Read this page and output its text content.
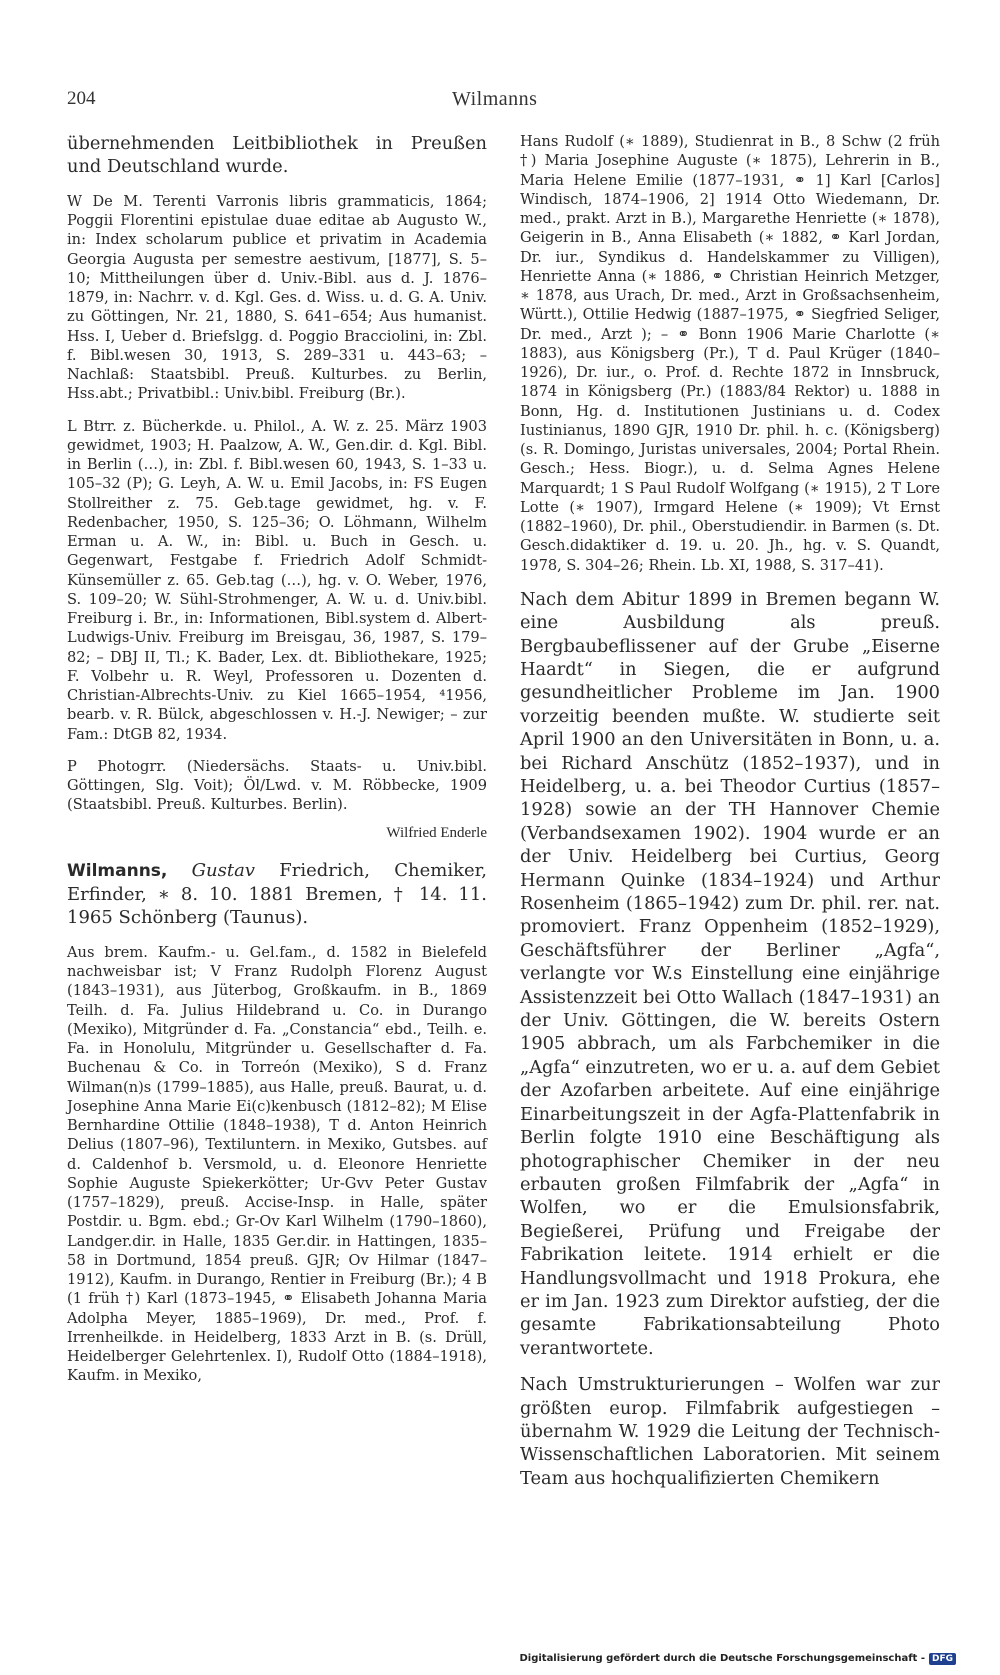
204	Wilmanns

übernehmenden Leitbibliothek in Preußen und Deutschland wurde.

W De M. Terenti Varronis libris grammaticis, 1864; Poggii Florentini epistulae duae editae ab Augusto W., in: Index scholarum publice et privatim in Academia Georgia Augusta per semestre aestivum, [1877], S. 5–10; Mittheilungen über d. Univ.-Bibl. aus d. J. 1876–1879, in: Nachrr. v. d. Kgl. Ges. d. Wiss. u. d. G. A. Univ. zu Göttingen, Nr. 21, 1880, S. 641–654; Aus humanist. Hss. I, Ueber d. Briefslgg. d. Poggio Bracciolini, in: Zbl. f. Bibl.wesen 30, 1913, S. 289–331 u. 443–63; – Nachlaß: Staatsbibl. Preuß. Kulturbes. zu Berlin, Hss.abt.; Privatbibl.: Univ.bibl. Freiburg (Br.).

L Btrr. z. Bücherkde. u. Philol., A. W. z. 25. März 1903 gewidmet, 1903; H. Paalzow, A. W., Gen.dir. d. Kgl. Bibl. in Berlin (…), in: Zbl. f. Bibl.wesen 60, 1943, S. 1–33 u. 105–32 (P); G. Leyh, A. W. u. Emil Jacobs, in: FS Eugen Stollreither z. 75. Geb.tage gewidmet, hg. v. F. Redenbacher, 1950, S. 125–36; O. Löhmann, Wilhelm Erman u. A. W., in: Bibl. u. Buch in Gesch. u. Gegenwart, Festgabe f. Friedrich Adolf Schmidt-Künsemüller z. 65. Geb.tag (…), hg. v. O. Weber, 1976, S. 109–20; W. Sühl-Strohmenger, A. W. u. d. Univ.bibl. Freiburg i. Br., in: Informationen, Bibl.system d. Albert-Ludwigs-Univ. Freiburg im Breisgau, 36, 1987, S. 179–82; – DBJ II, Tl.; K. Bader, Lex. dt. Bibliothekare, 1925; F. Volbehr u. R. Weyl, Professoren u. Dozenten d. Christian-Albrechts-Univ. zu Kiel 1665–1954, ⁴1956, bearb. v. R. Bülck, abgeschlossen v. H.-J. Newiger; – zur Fam.: DtGB 82, 1934.

P Photogrr. (Niedersächs. Staats- u. Univ.bibl. Göttingen, Slg. Voit); Öl/Lwd. v. M. Röbbecke, 1909 (Staatsbibl. Preuß. Kulturbes. Berlin).

Wilfried Enderle

Wilmanns, Gustav Friedrich, Chemiker, Erfinder, ∗ 8. 10. 1881 Bremen, † 14. 11. 1965 Schönberg (Taunus).

Aus brem. Kaufm.- u. Gel.fam., d. 1582 in Bielefeld nachweisbar ist; V Franz Rudolph Florenz August (1843–1931), aus Jüterbog, Großkaufm. in B., 1869 Teilh. d. Fa. Julius Hildebrand u. Co. in Durango (Mexiko), Mitgründer d. Fa. „Constancia“ ebd., Teilh. e. Fa. in Honolulu, Mitgründer u. Gesellschafter d. Fa. Buchenau & Co. in Torreón (Mexiko), S d. Franz Wilman(n)s (1799–1885), aus Halle, preuß. Baurat, u. d. Josephine Anna Marie Ei(c)kenbusch (1812–82); M Elise Bernhardine Ottilie (1848–1938), T d. Anton Heinrich Delius (1807–96), Textiluntern. in Mexiko, Gutsbes. auf d. Caldenhof b. Versmold, u. d. Eleonore Henriette Sophie Auguste Spiekerkötter; Ur-Gvv Peter Gustav (1757–1829), preuß. Accise-Insp. in Halle, später Postdir. u. Bgm. ebd.; Gr-Ov Karl Wilhelm (1790–1860), Landger.dir. in Halle, 1835 Ger.dir. in Hattingen, 1835–58 in Dortmund, 1854 preuß. GJR; Ov Hilmar (1847–1912), Kaufm. in Durango, Rentier in Freiburg (Br.); 4 B (1 früh †) Karl (1873–1945, ⚭ Elisabeth Johanna Maria Adolpha Meyer, 1885–1969), Dr. med., Prof. f. Irrenheilkde. in Heidelberg, 1833 Arzt in B. (s. Drüll, Heidelberger Gelehrtenlex. I), Rudolf Otto (1884–1918), Kaufm. in Mexiko,

Hans Rudolf (∗ 1889), Studienrat in B., 8 Schw (2 früh †) Maria Josephine Auguste (∗ 1875), Lehrerin in B., Maria Helene Emilie (1877–1931, ⚭ 1] Karl [Carlos] Windisch, 1874–1906, 2] 1914 Otto Wiedemann, Dr. med., prakt. Arzt in B.), Margarethe Henriette (∗ 1878), Geigerin in B., Anna Elisabeth (∗ 1882, ⚭ Karl Jordan, Dr. iur., Syndikus d. Handelskammer zu Villigen), Henriette Anna (∗ 1886, ⚭ Christian Heinrich Metzger, ∗ 1878, aus Urach, Dr. med., Arzt in Großsachsenheim, Württ.), Ottilie Hedwig (1887–1975, ⚭ Siegfried Seliger, Dr. med., Arzt ); – ⚭ Bonn 1906 Marie Charlotte (∗ 1883), aus Königsberg (Pr.), T d. Paul Krüger (1840–1926), Dr. iur., o. Prof. d. Rechte 1872 in Innsbruck, 1874 in Königsberg (Pr.) (1883/84 Rektor) u. 1888 in Bonn, Hg. d. Institutionen Justinians u. d. Codex Iustinianus, 1890 GJR, 1910 Dr. phil. h. c. (Königsberg) (s. R. Domingo, Juristas universales, 2004; Portal Rhein. Gesch.; Hess. Biogr.), u. d. Selma Agnes Helene Marquardt; 1 S Paul Rudolf Wolfgang (∗ 1915), 2 T Lore Lotte (∗ 1907), Irmgard Helene (∗ 1909); Vt Ernst (1882–1960), Dr. phil., Oberstudiendir. in Barmen (s. Dt. Gesch.didaktiker d. 19. u. 20. Jh., hg. v. S. Quandt, 1978, S. 304–26; Rhein. Lb. XI, 1988, S. 317–41).

Nach dem Abitur 1899 in Bremen begann W. eine Ausbildung als preuß. Bergbaubeflissener auf der Grube „Eiserne Haardt“ in Siegen, die er aufgrund gesundheitlicher Probleme im Jan. 1900 vorzeitig beenden mußte. W. studierte seit April 1900 an den Universitäten in Bonn, u. a. bei Richard Anschütz (1852–1937), und in Heidelberg, u. a. bei Theodor Curtius (1857–1928) sowie an der TH Hannover Chemie (Verbandsexamen 1902). 1904 wurde er an der Univ. Heidelberg bei Curtius, Georg Hermann Quinke (1834–1924) und Arthur Rosenheim (1865–1942) zum Dr. phil. rer. nat. promoviert. Franz Oppenheim (1852–1929), Geschäftsführer der Berliner „Agfa“, verlangte vor W.s Einstellung eine einjährige Assistenzzeit bei Otto Wallach (1847–1931) an der Univ. Göttingen, die W. bereits Ostern 1905 abbrach, um als Farbchemiker in die „Agfa“ einzutreten, wo er u. a. auf dem Gebiet der Azofarben arbeitete. Auf eine einjährige Einarbeitungszeit in der Agfa-Plattenfabrik in Berlin folgte 1910 eine Beschäftigung als photographischer Chemiker in der neu erbauten großen Filmfabrik der „Agfa“ in Wolfen, wo er die Emulsionsfabrik, Begießerei, Prüfung und Freigabe der Fabrikation leitete. 1914 erhielt er die Handlungsvollmacht und 1918 Prokura, ehe er im Jan. 1923 zum Direktor aufstieg, der die gesamte Fabrikationsabteilung Photo verantwortete.

Nach Umstrukturierungen – Wolfen war zur größten europ. Filmfabrik aufgestiegen – übernahm W. 1929 die Leitung der Technisch-Wissenschaftlichen Laboratorien. Mit seinem Team aus hochqualifizierten Chemikern

Digitalisierung gefördert durch die Deutsche Forschungsgemeinschaft - DFG
